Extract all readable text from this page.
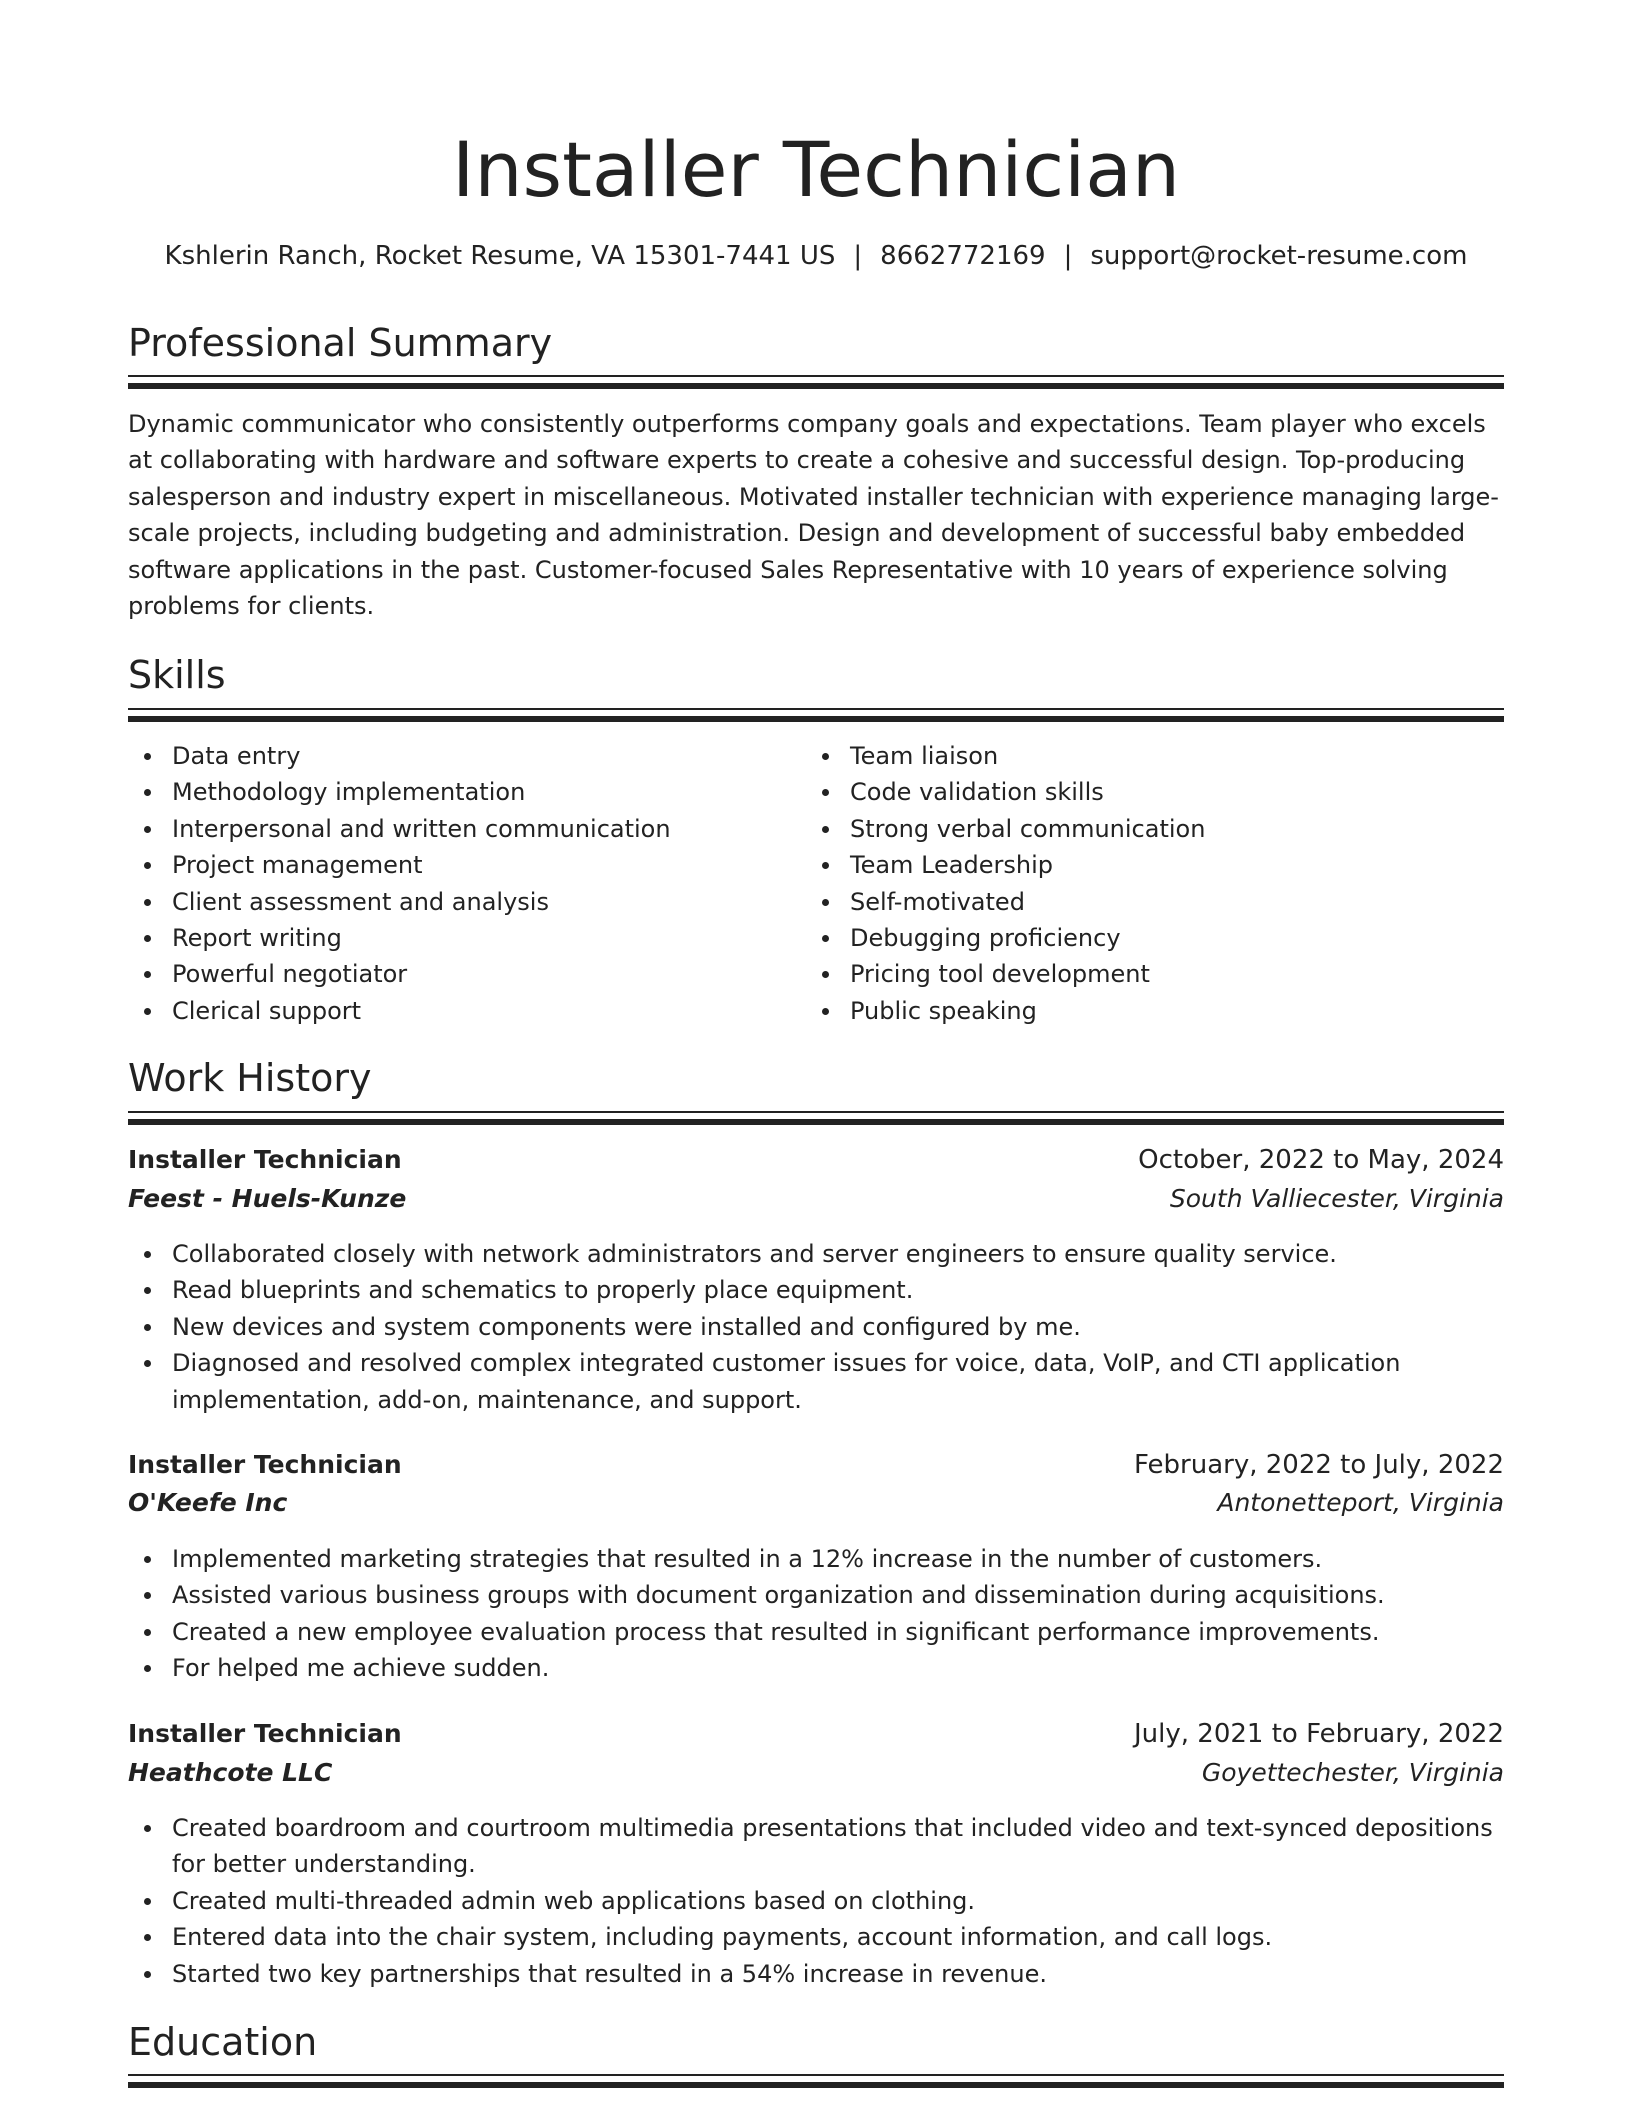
Installer Technician
Kshlerin Ranch, Rocket Resume, VA 15301-7441 US | 8662772169 | support@rocket-resume.com
Professional Summary

Dynamic communicator who consistently outperforms company goals and expectations. Team player who excels at collaborating with hardware and software experts to create a cohesive and successful design. Top-producing salesperson and industry expert in miscellaneous. Motivated installer technician with experience managing large-scale projects, including budgeting and administration. Design and development of successful baby embedded software applications in the past. Customer-focused Sales Representative with 10 years of experience solving problems for clients.

Skills
Data entry
Methodology implementation
Interpersonal and written communication
Project management
Client assessment and analysis
Report writing
Powerful negotiator
Clerical support
Team liaison
Code validation skills
Strong verbal communication
Team Leadership
Self-motivated
Debugging proficiency
Pricing tool development
Public speaking
Work History
Installer Technician	October, 2022 to May, 2024
Feest - Huels-Kunze	South Valliecester, Virginia
Collaborated closely with network administrators and server engineers to ensure quality service.
Read blueprints and schematics to properly place equipment.
New devices and system components were installed and configured by me.
Diagnosed and resolved complex integrated customer issues for voice, data, VoIP, and CTI application implementation, add-on, maintenance, and support.
Installer Technician	February, 2022 to July, 2022
O'Keefe Inc	Antonetteport, Virginia
Implemented marketing strategies that resulted in a 12% increase in the number of customers.
Assisted various business groups with document organization and dissemination during acquisitions.
Created a new employee evaluation process that resulted in significant performance improvements.
For helped me achieve sudden.
Installer Technician	July, 2021 to February, 2022
Heathcote LLC	Goyettechester, Virginia
Created boardroom and courtroom multimedia presentations that included video and text-synced depositions for better understanding.
Created multi-threaded admin web applications based on clothing.
Entered data into the chair system, including payments, account information, and call logs.
Started two key partnerships that resulted in a 54% increase in revenue.
Education
